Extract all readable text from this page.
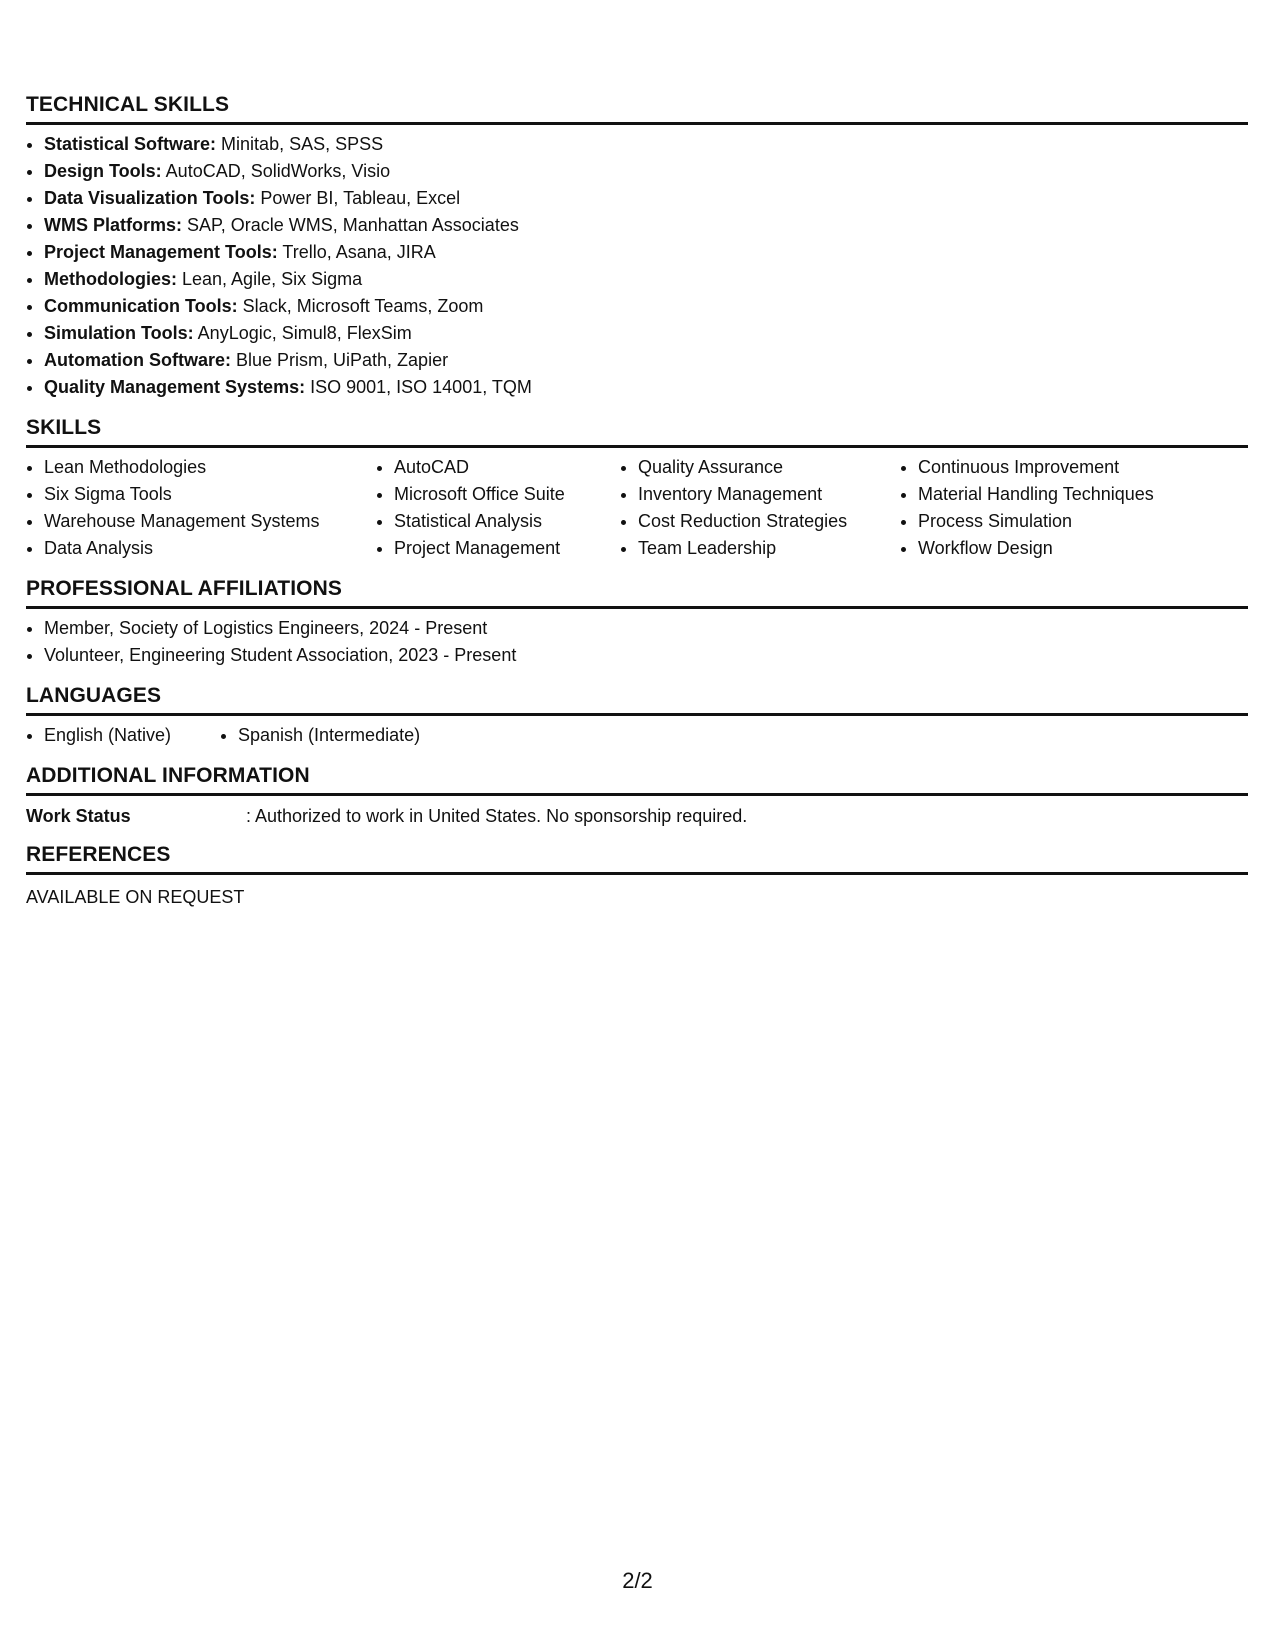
TECHNICAL SKILLS
• Statistical Software: Minitab, SAS, SPSS
• Design Tools: AutoCAD, SolidWorks, Visio
• Data Visualization Tools: Power BI, Tableau, Excel
• WMS Platforms: SAP, Oracle WMS, Manhattan Associates
• Project Management Tools: Trello, Asana, JIRA
• Methodologies: Lean, Agile, Six Sigma
• Communication Tools: Slack, Microsoft Teams, Zoom
• Simulation Tools: AnyLogic, Simul8, FlexSim
• Automation Software: Blue Prism, UiPath, Zapier
• Quality Management Systems: ISO 9001, ISO 14001, TQM
SKILLS
• Lean Methodologies
• Six Sigma Tools
• Warehouse Management Systems
• Data Analysis
• AutoCAD
• Microsoft Office Suite
• Statistical Analysis
• Project Management
• Quality Assurance
• Inventory Management
• Cost Reduction Strategies
• Team Leadership
• Continuous Improvement
• Material Handling Techniques
• Process Simulation
• Workflow Design
PROFESSIONAL AFFILIATIONS
• Member, Society of Logistics Engineers, 2024 - Present
• Volunteer, Engineering Student Association, 2023 - Present
LANGUAGES
• English (Native)
•	Spanish (Intermediate)
ADDITIONAL INFORMATION
Work Status	: Authorized to work in United States. No sponsorship required.
REFERENCES
AVAILABLE ON REQUEST
2/2
